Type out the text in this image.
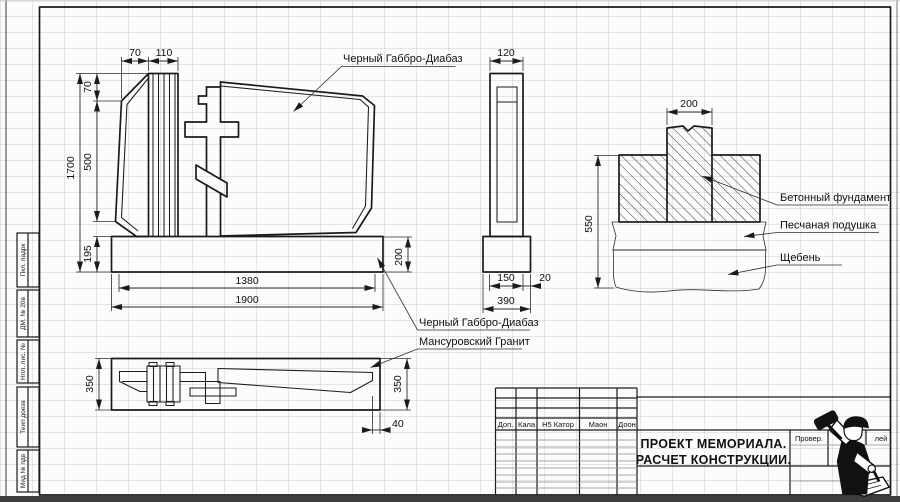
70 110
1700
70
500
195	200
1380
1900
Черный Габбро-Диабаз	120
150 20
390
200
550
Бетонный фундамент
Песчаная подушка
Щебень
Черный Габбро-Диабаз
Мансуровский Гранит
350	350
40	Доп. Кала Н5 Катор Маон Доон
ПРОЕКТ МЕМОРИАЛА.
РАСЧЕТ КОНСТРУКЦИИ.
Провер.	лей
Пкл. ладрк
ДМ. № 20в
Нпл. лис. №
Теип доезв
Мид № пдв
